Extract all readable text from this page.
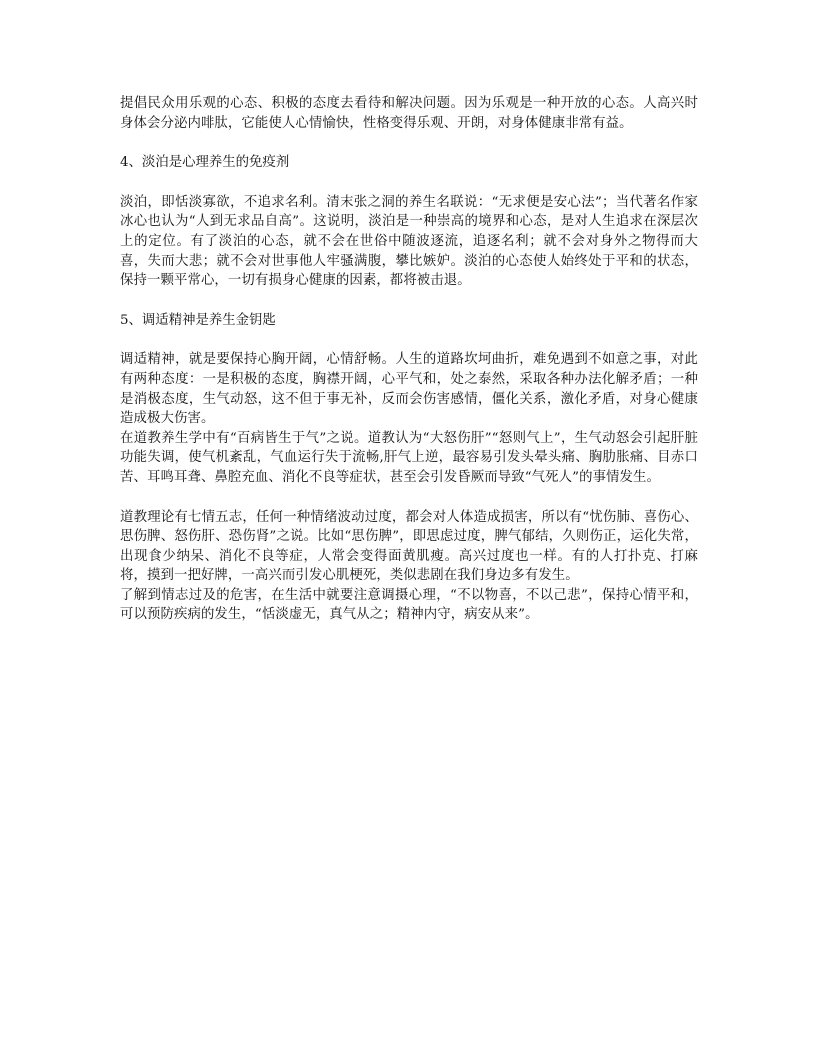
提倡民众用乐观的心态、积极的态度去看待和解决问题。因为乐观是一种开放的心态。人高兴时身体会分泌内啡肽，它能使人心情愉快，性格变得乐观、开朗，对身体健康非常有益。

4、淡泊是心理养生的免疫剂

淡泊，即恬淡寡欲，不追求名利。清末张之洞的养生名联说：“无求便是安心法”；当代著名作家冰心也认为“人到无求品自高”。这说明，淡泊是一种崇高的境界和心态，是对人生追求在深层次上的定位。有了淡泊的心态，就不会在世俗中随波逐流，追逐名利；就不会对身外之物得而大喜，失而大悲；就不会对世事他人牢骚满腹，攀比嫉妒。淡泊的心态使人始终处于平和的状态，保持一颗平常心，一切有损身心健康的因素，都将被击退。

5、调适精神是养生金钥匙

调适精神，就是要保持心胸开阔，心情舒畅。人生的道路坎坷曲折，难免遇到不如意之事，对此有两种态度：一是积极的态度，胸襟开阔，心平气和，处之泰然，采取各种办法化解矛盾；一种是消极态度，生气动怒，这不但于事无补，反而会伤害感情，僵化关系，激化矛盾，对身心健康造成极大伤害。

在道教养生学中有“百病皆生于气”之说。道教认为“大怒伤肝”“怒则气上”，生气动怒会引起肝脏功能失调，使气机紊乱，气血运行失于流畅,肝气上逆，最容易引发头晕头痛、胸肋胀痛、目赤口苦、耳鸣耳聋、鼻腔充血、消化不良等症状，甚至会引发昏厥而导致“气死人”的事情发生。

道教理论有七情五志，任何一种情绪波动过度，都会对人体造成损害，所以有“忧伤肺、喜伤心、思伤脾、怒伤肝、恐伤肾”之说。比如“思伤脾”，即思虑过度，脾气郁结，久则伤正，运化失常，出现食少纳呆、消化不良等症，人常会变得面黄肌瘦。高兴过度也一样。有的人打扑克、打麻将，摸到一把好牌，一高兴而引发心肌梗死，类似悲剧在我们身边多有发生。

了解到情志过及的危害，在生活中就要注意调摄心理，“不以物喜，不以己悲”，保持心情平和，可以预防疾病的发生，“恬淡虚无，真气从之；精神内守，病安从来”。
